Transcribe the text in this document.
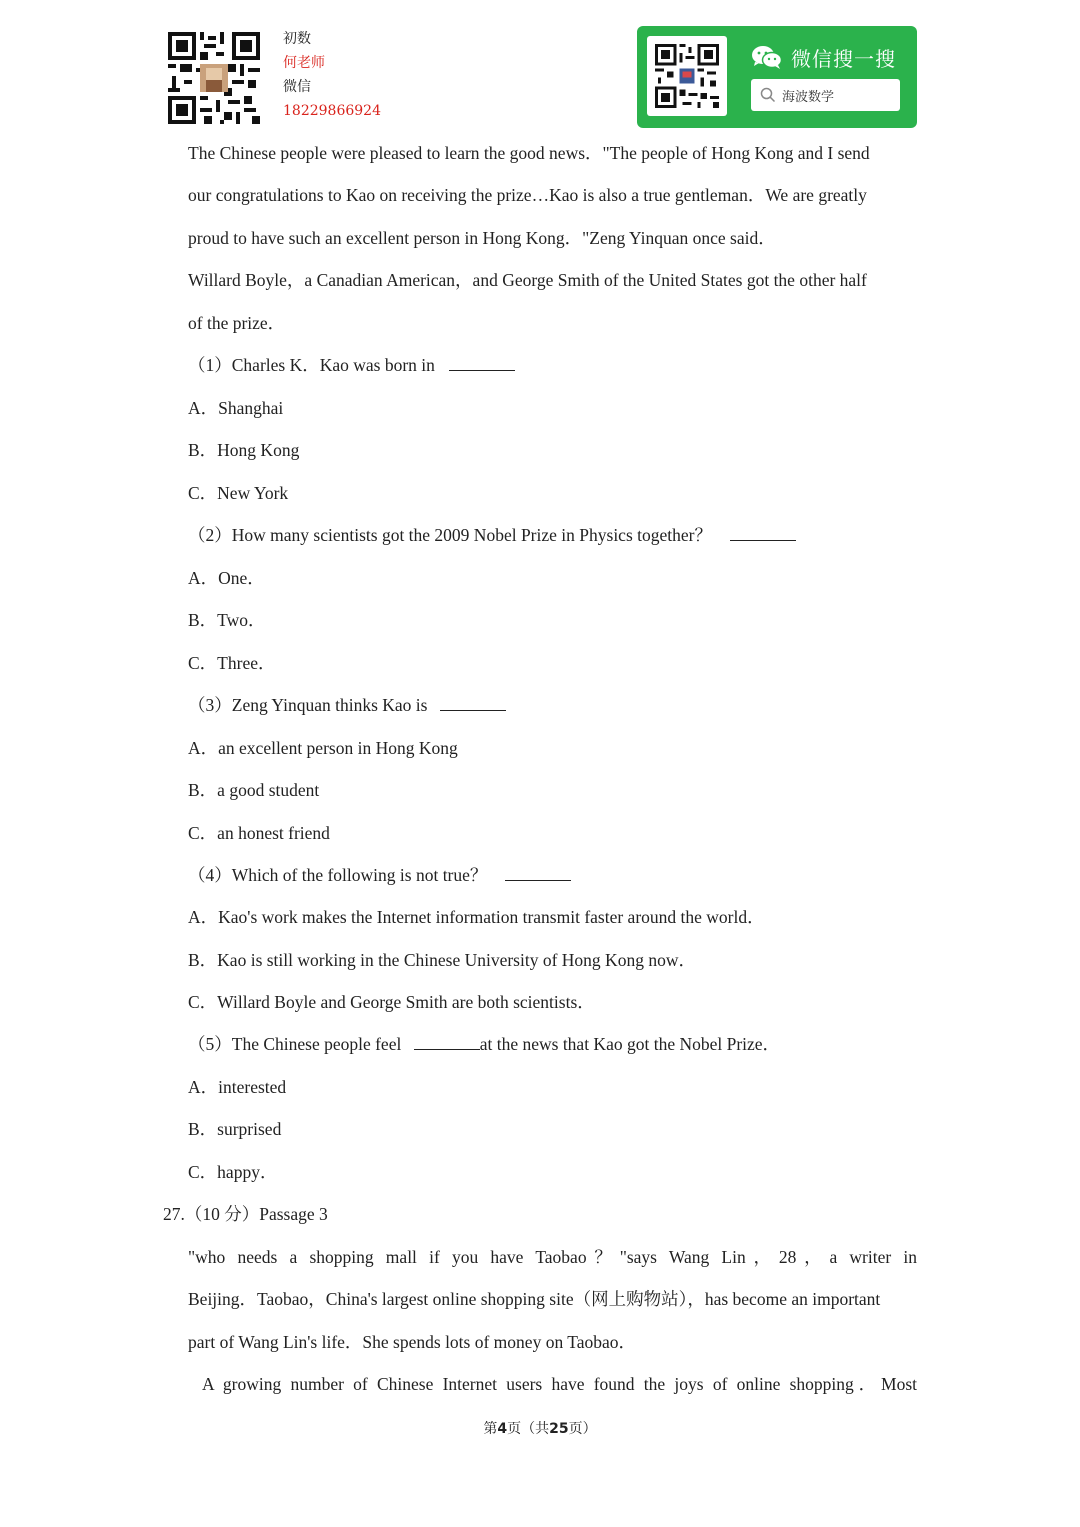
初数
何老师
微信
18229866924
微信搜一搜
海波数学
The Chinese people were pleased to learn the good news．"The people of Hong Kong and I send
our congratulations to Kao on receiving the prize…Kao is also a true gentleman．We are greatly
proud to have such an excellent person in Hong Kong．"Zeng Yinquan once said．
Willard Boyle，a Canadian American，and George Smith of the United States got the other half
of the prize．
（1）Charles K．Kao was born in
A．Shanghai
B．Hong Kong
C．New York
（2）How many scientists got the 2009 Nobel Prize in Physics together？
A．One．
B．Two．
C．Three．
（3）Zeng Yinquan thinks Kao is
A．an excellent person in Hong Kong
B．a good student
C．an honest friend
（4）Which of the following is not true？
A．Kao's work makes the Internet information transmit faster around the world．
B．Kao is still working in the Chinese University of Hong Kong now．
C．Willard Boyle and George Smith are both scientists．
（5）The Chinese people feel	at the news that Kao got the Nobel Prize．
A．interested
B．surprised
C．happy．
27.（10 分）Passage 3
"who needs a shopping mall if you have Taobao？"says Wang Lin，28，a writer in
Beijing．Taobao，China's largest online shopping site（网上购物站），has become an important
part of Wang Lin's life．She spends lots of money on Taobao．
A growing number of Chinese Internet users have found the joys of online shopping．Most
第4页（共25页）
